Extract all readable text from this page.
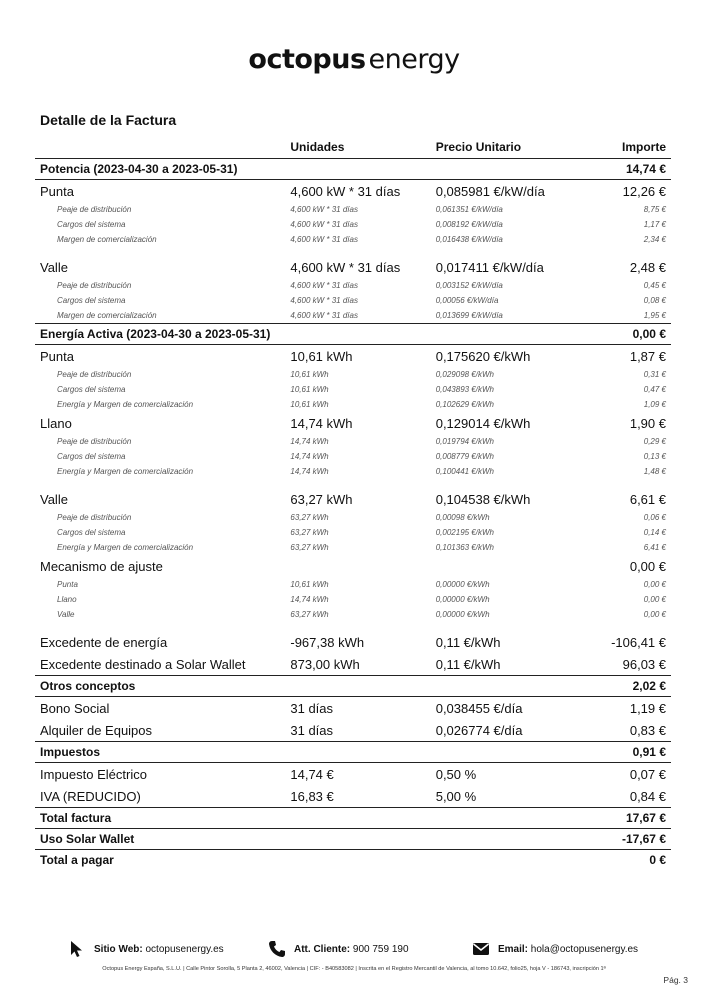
octopus energy
Detalle de la Factura
	Unidades	Precio Unitario	Importe
Potencia (2023-04-30 a 2023-05-31)			14,74 €
Punta	4,600 kW * 31 días	0,085981 €/kW/día	12,26 €
Peaje de distribución	4,600 kW * 31 días	0,061351 €/kW/día	8,75 €
Cargos del sistema	4,600 kW * 31 días	0,008192 €/kW/día	1,17 €
Margen de comercialización	4,600 kW * 31 días	0,016438 €/kW/día	2,34 €

Valle	4,600 kW * 31 días	0,017411 €/kW/día	2,48 €
Peaje de distribución	4,600 kW * 31 días	0,003152 €/kW/día	0,45 €
Cargos del sistema	4,600 kW * 31 días	0,00056 €/kW/día	0,08 €
Margen de comercialización	4,600 kW * 31 días	0,013699 €/kW/día	1,95 €
Energía Activa (2023-04-30 a 2023-05-31)			0,00 €
Punta	10,61 kWh	0,175620 €/kWh	1,87 €
Peaje de distribución	10,61 kWh	0,029098 €/kWh	0,31 €
Cargos del sistema	10,61 kWh	0,043893 €/kWh	0,47 €
Energía y Margen de comercialización	10,61 kWh	0,102629 €/kWh	1,09 €
Llano	14,74 kWh	0,129014 €/kWh	1,90 €
Peaje de distribución	14,74 kWh	0,019794 €/kWh	0,29 €
Cargos del sistema	14,74 kWh	0,008779 €/kWh	0,13 €
Energía y Margen de comercialización	14,74 kWh	0,100441 €/kWh	1,48 €

Valle	63,27 kWh	0,104538 €/kWh	6,61 €
Peaje de distribución	63,27 kWh	0,00098 €/kWh	0,06 €
Cargos del sistema	63,27 kWh	0,002195 €/kWh	0,14 €
Energía y Margen de comercialización	63,27 kWh	0,101363 €/kWh	6,41 €
Mecanismo de ajuste			0,00 €
Punta	10,61 kWh	0,00000 €/kWh	0,00 €
Llano	14,74 kWh	0,00000 €/kWh	0,00 €
Valle	63,27 kWh	0,00000 €/kWh	0,00 €

Excedente de energía	-967,38 kWh	0,11 €/kWh	-106,41 €
Excedente destinado a Solar Wallet	873,00 kWh	0,11 €/kWh	96,03 €
Otros conceptos			2,02 €
Bono Social	31 días	0,038455 €/día	1,19 €
Alquiler de Equipos	31 días	0,026774 €/día	0,83 €
Impuestos			0,91 €
Impuesto Eléctrico	14,74 €	0,50 %	0,07 €
IVA (REDUCIDO)	16,83 €	5,00 %	0,84 €
Total factura			17,67 €
Uso Solar Wallet			-17,67 €
Total a pagar			0 €
Sitio Web: octopusenergy.es	Att. Cliente: 900 759 190	Email: hola@octopusenergy.es
Octopus Energy España, S.L.U. | Calle Pintor Sorolla, 5 Planta 2, 46002, Valencia | CIF: - B40583082 | Inscrita en el Registro Mercantil de Valencia, al tomo 10.642, folio25, hoja V - 186743, inscripción 1ª
Pág. 3
